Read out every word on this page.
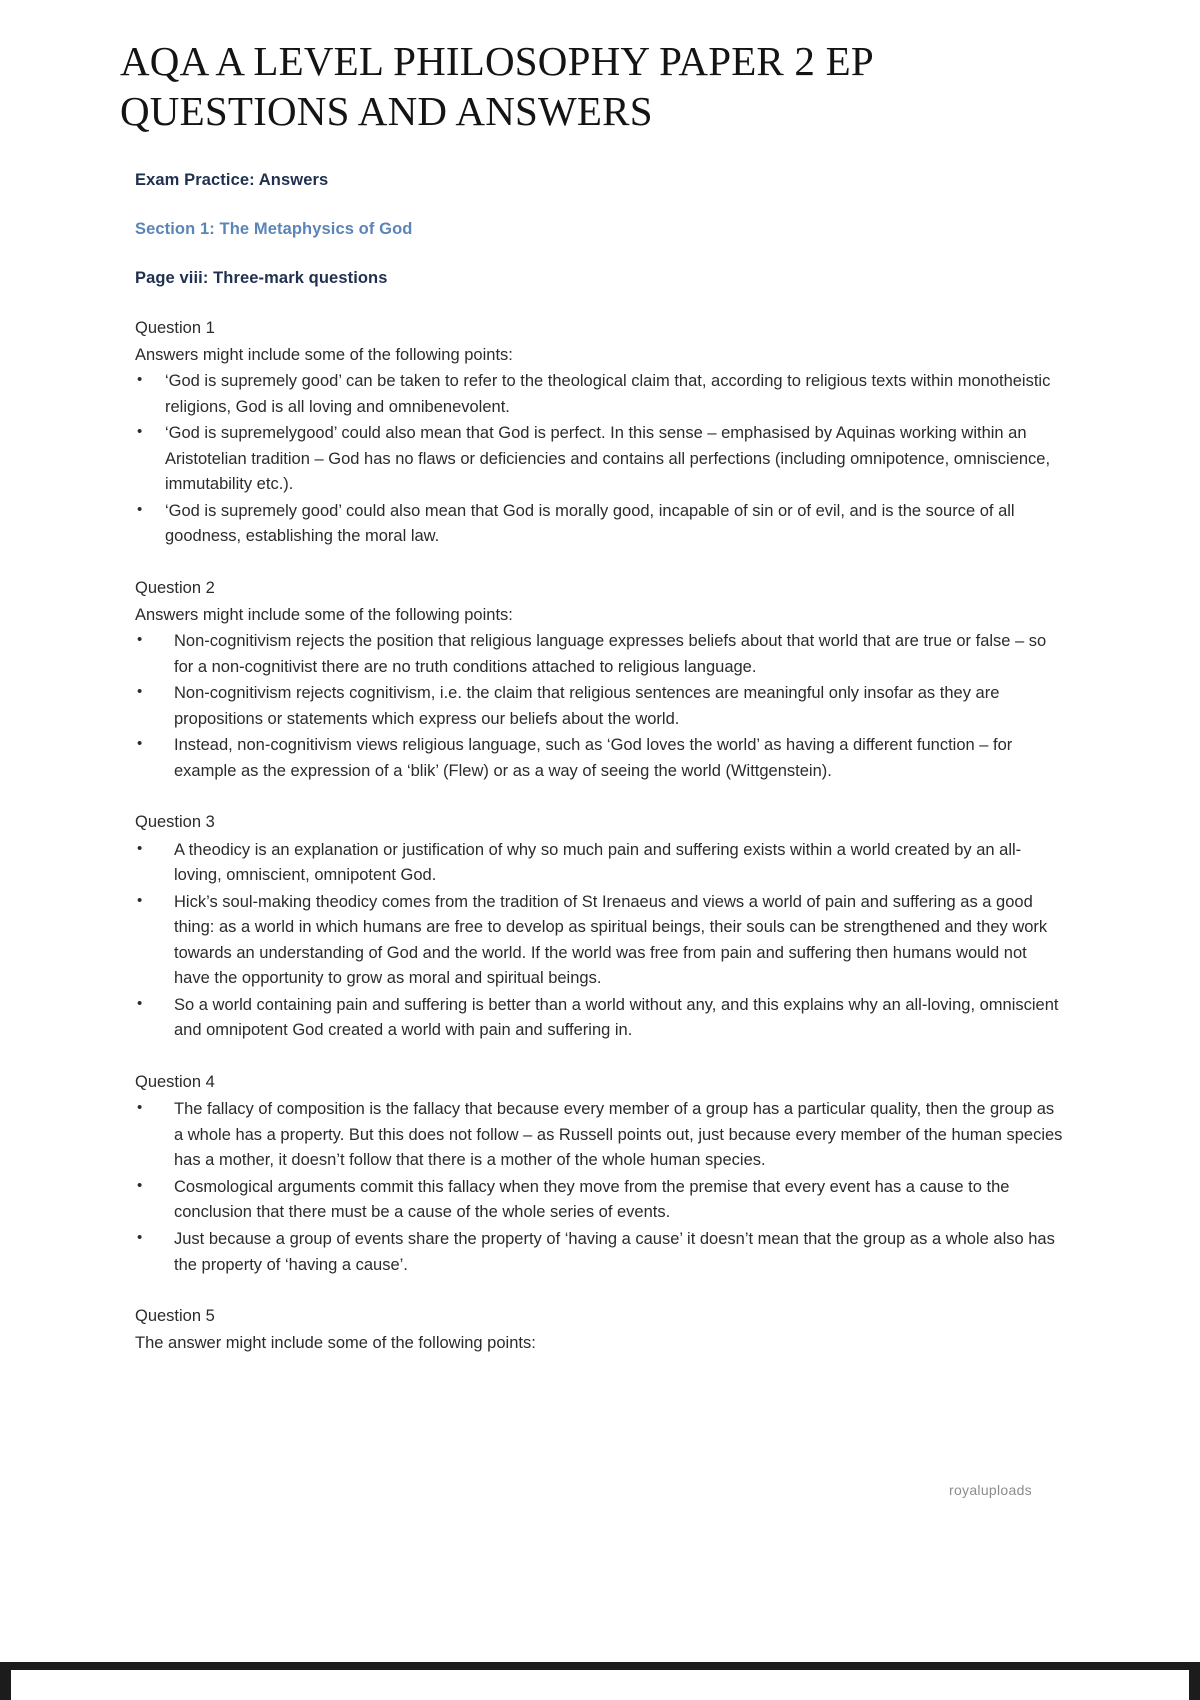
AQA A LEVEL PHILOSOPHY PAPER 2 EP QUESTIONS AND ANSWERS
Exam Practice: Answers
Section 1: The Metaphysics of God
Page viii: Three-mark questions
Question 1
Answers might include some of the following points:
• ‘God is supremely good’ can be taken to refer to the theological claim that, according to religious texts within monotheistic religions, God is all loving and omnibenevolent.
• ‘God is supremelygood’ could also mean that God is perfect. In this sense – emphasised by Aquinas working within an Aristotelian tradition – God has no flaws or deficiencies and contains all perfections (including omnipotence, omniscience, immutability etc.).
• ‘God is supremely good’ could also mean that God is morally good, incapable of sin or of evil, and is the source of all goodness, establishing the moral law.
Question 2
Answers might include some of the following points:
• Non-cognitivism rejects the position that religious language expresses beliefs about that world that are true or false – so for a non-cognitivist there are no truth conditions attached to religious language.
• Non-cognitivism rejects cognitivism, i.e. the claim that religious sentences are meaningful only insofar as they are propositions or statements which express our beliefs about the world.
• Instead, non-cognitivism views religious language, such as ‘God loves the world’ as having a different function – for example as the expression of a ‘blik’ (Flew) or as a way of seeing the world (Wittgenstein).
Question 3
• A theodicy is an explanation or justification of why so much pain and suffering exists within a world created by an all-loving, omniscient, omnipotent God.
• Hick’s soul-making theodicy comes from the tradition of St Irenaeus and views a world of pain and suffering as a good thing: as a world in which humans are free to develop as spiritual beings, their souls can be strengthened and they work towards an understanding of God and the world. If the world was free from pain and suffering then humans would not have the opportunity to grow as moral and spiritual beings.
• So a world containing pain and suffering is better than a world without any, and this explains why an all-loving, omniscient and omnipotent God created a world with pain and suffering in.
Question 4
• The fallacy of composition is the fallacy that because every member of a group has a particular quality, then the group as a whole has a property. But this does not follow – as Russell points out, just because every member of the human species has a mother, it doesn’t follow that there is a mother of the whole human species.
• Cosmological arguments commit this fallacy when they move from the premise that every event has a cause to the conclusion that there must be a cause of the whole series of events.
• Just because a group of events share the property of ‘having a cause’ it doesn’t mean that the group as a whole also has the property of ‘having a cause’.
Question 5
The answer might include some of the following points:
royaluploads
